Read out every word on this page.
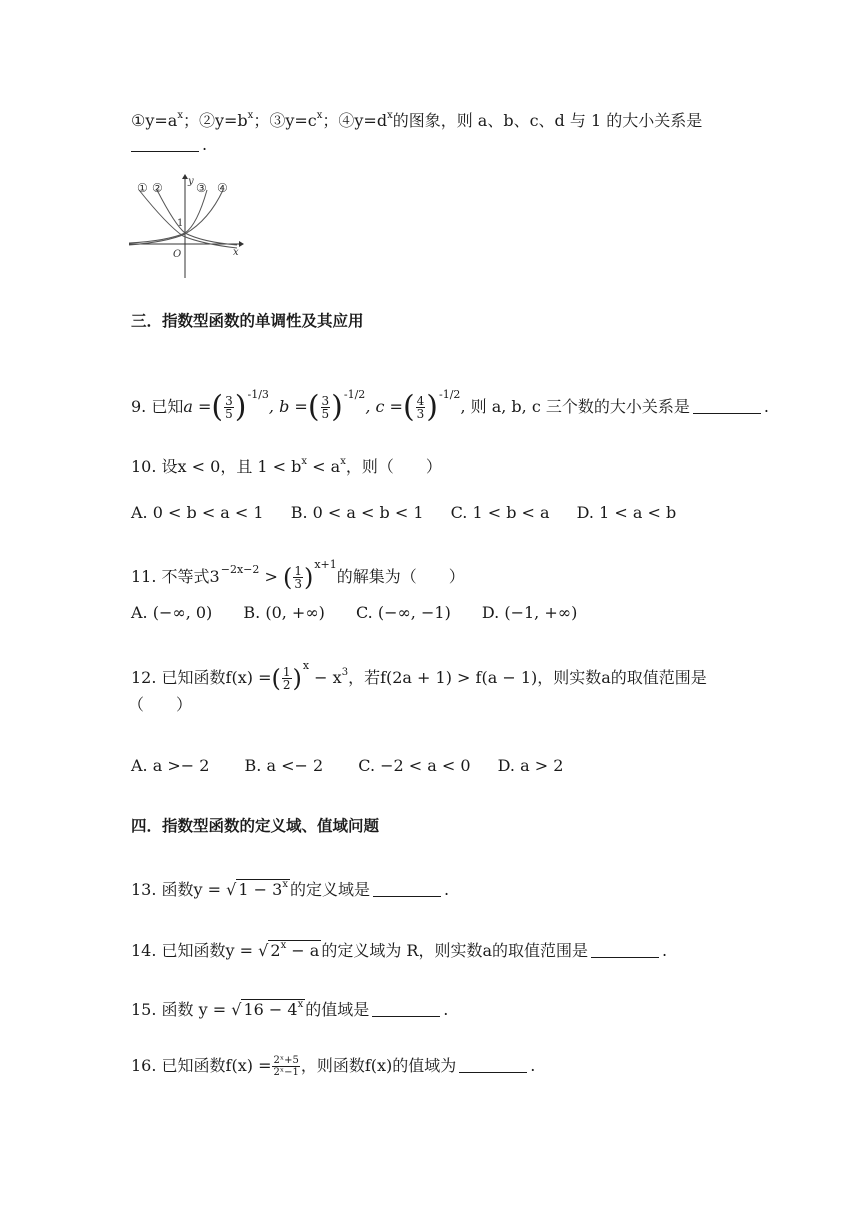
$①y=a^x$；$②y=b^x$；$③y=c^x$；$④y=d^x$的图象，则 a、b、c、d 与 1 的大小关系是
.
y
x
O
1
① ②	③ ④
三．指数型函数的单调性及其应用
9. 已知a =( $\frac{3}{5} )^{-1/3}$, b =( $\frac{3}{5} )^{-1/2}$, c =( $\frac{4}{3} )^{-1/2}$, 则 a, b, c 三个数的大小关系是	.
10. 设x < 0，且 $1 < b^x < a^x$，则（　　）
A. 0 < b < a < 1 B. 0 < a < b < 1 C. 1 < b < a D. 1 < a < b
11. 不等式$3^{-2x-2}$ > ( $\frac{1}{3} )^{x+1}$的解集为（　　）
A. (−∞, 0) B. (0, +∞) C. (−∞, −1) D. (−1, +∞)
12. 已知函数f(x) =( $\frac{1}{2} )^x - x^3$，若f(2a + 1) > f(a − 1)，则实数a的取值范围是
（　　）
A. a >− 2 B. a <− 2 C. −2 < a < 0 D. a > 2
四．指数型函数的定义域、值域问题
13. 函数y = √ $1 - 3^x$ 的定义域是	.
14. 已知函数y = √ $2^x - a$ 的定义域为 R，则实数a的取值范围是	.
15. 函数 y = √ $16 - 4^x$ 的值域是	.
16. 已知函数$f(x) = \frac{\text{2ˣ+5}}{\text{2ˣ−1}}$ ，则函数f(x)的值域为	.
